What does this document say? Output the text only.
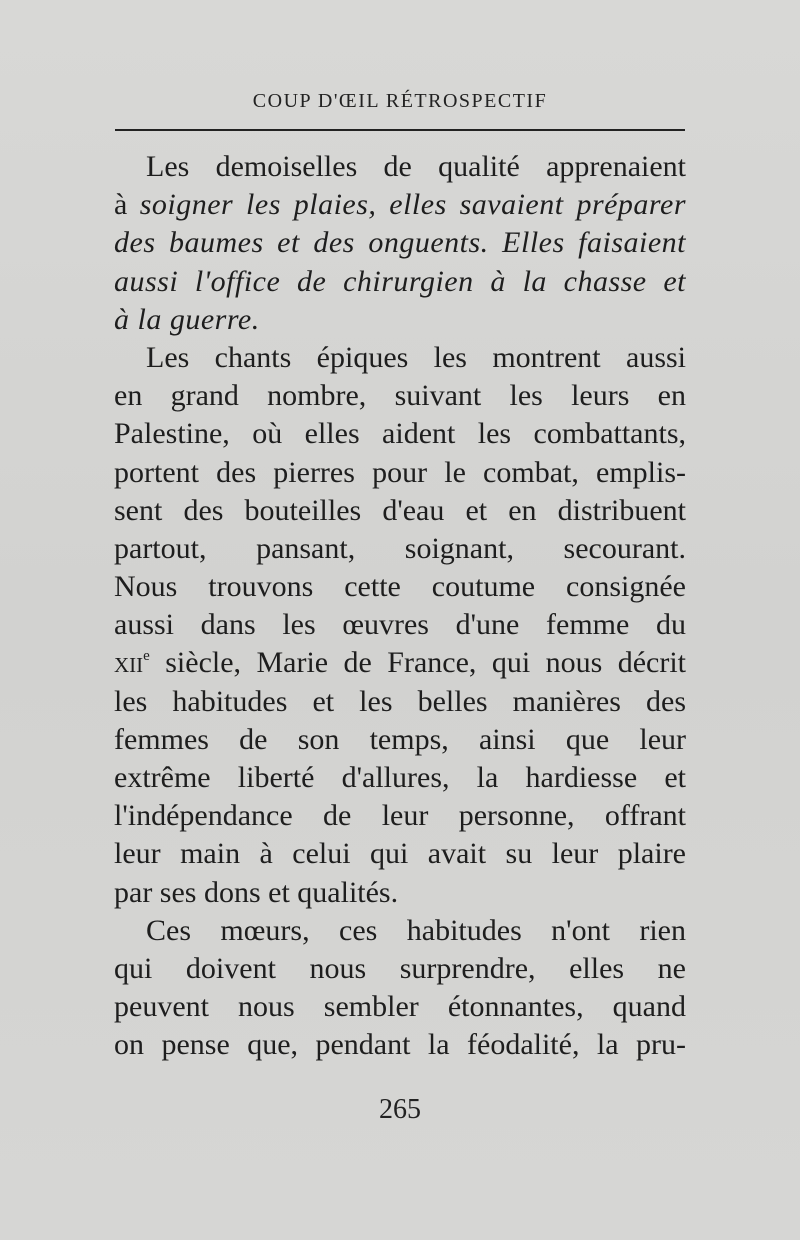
COUP D'ŒIL RÉTROSPECTIF
Les demoiselles de qualité apprenaient
à soigner les plaies, elles savaient préparer
des baumes et des onguents. Elles faisaient
aussi l'office de chirurgien à la chasse et
à la guerre.
Les chants épiques les montrent aussi
en grand nombre, suivant les leurs en
Palestine, où elles aident les combattants,
portent des pierres pour le combat, emplis-
sent des bouteilles d'eau et en distribuent
partout, pansant, soignant, secourant.
Nous trouvons cette coutume consignée
aussi dans les œuvres d'une femme du
xii$^e$ siècle, Marie de France, qui nous décrit
les habitudes et les belles manières des
femmes de son temps, ainsi que leur
extrême liberté d'allures, la hardiesse et
l'indépendance de leur personne, offrant
leur main à celui qui avait su leur plaire
par ses dons et qualités.
Ces mœurs, ces habitudes n'ont rien
qui doivent nous surprendre, elles ne
peuvent nous sembler étonnantes, quand
on pense que, pendant la féodalité, la pru-
265
